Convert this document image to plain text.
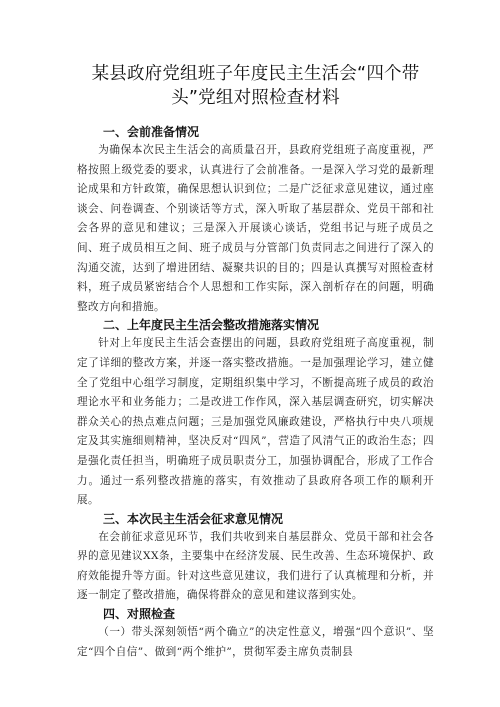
某县政府党组班子年度民主生活会“四个带头”党组对照检查材料
一、会前准备情况

为确保本次民主生活会的高质量召开，县政府党组班子高度重视，严格按照上级党委的要求，认真进行了会前准备。一是深入学习党的最新理论成果和方针政策，确保思想认识到位；二是广泛征求意见建议，通过座谈会、问卷调查、个别谈话等方式，深入听取了基层群众、党员干部和社会各界的意见和建议；三是深入开展谈心谈话，党组书记与班子成员之间、班子成员相互之间、班子成员与分管部门负责同志之间进行了深入的沟通交流，达到了增进团结、凝聚共识的目的；四是认真撰写对照检查材料，班子成员紧密结合个人思想和工作实际，深入剖析存在的问题，明确整改方向和措施。

二、上年度民主生活会整改措施落实情况

针对上年度民主生活会查摆出的问题，县政府党组班子高度重视，制定了详细的整改方案，并逐一落实整改措施。一是加强理论学习，建立健全了党组中心组学习制度，定期组织集中学习，不断提高班子成员的政治理论水平和业务能力；二是改进工作作风，深入基层调查研究，切实解决群众关心的热点难点问题；三是加强党风廉政建设，严格执行中央八项规定及其实施细则精神，坚决反对“四风”，营造了风清气正的政治生态；四是强化责任担当，明确班子成员职责分工，加强协调配合，形成了工作合力。通过一系列整改措施的落实，有效推动了县政府各项工作的顺利开展。

三、本次民主生活会征求意见情况

在会前征求意见环节，我们共收到来自基层群众、党员干部和社会各界的意见建议XX条，主要集中在经济发展、民生改善、生态环境保护、政府效能提升等方面。针对这些意见建议，我们进行了认真梳理和分析，并逐一制定了整改措施，确保将群众的意见和建议落到实处。

四、对照检查

（一）带头深刻领悟“两个确立”的决定性意义，增强“四个意识”、坚定“四个自信”、做到“两个维护”，贯彻军委主席负责制县
